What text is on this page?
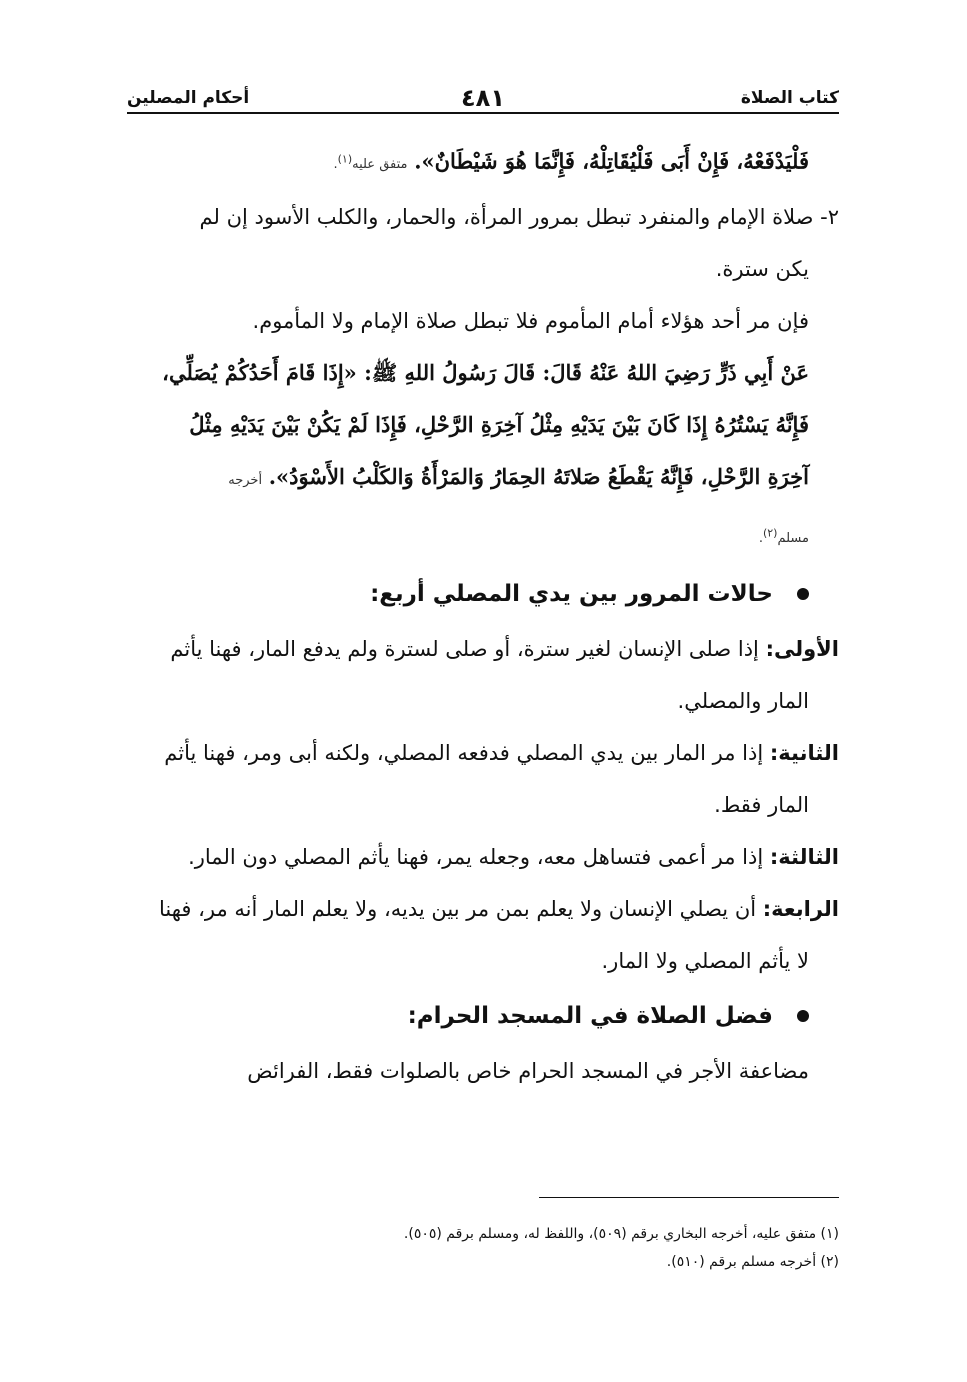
كتاب الصلاة
٤٨١
أحكام المصلين
فَلْيَدْفَعْهُ، فَإِنْ أَبَى فَلْيُقَاتِلْهُ، فَإِنَّمَا هُوَ شَيْطَانٌ». متفق عليه$^{(١)}$.
٢- صلاة الإمام والمنفرد تبطل بمرور المرأة، والحمار، والكلب الأسود إن لم
يكن سترة.
فإن مر أحد هؤلاء أمام المأموم فلا تبطل صلاة الإمام ولا المأموم.
عَنْ أَبِي ذَرٍّ رَضِيَ اللهُ عَنْهُ قَالَ: قَالَ رَسُولُ اللهِ ﷺ: «إِذَا قَامَ أَحَدُكُمْ يُصَلِّي،
فَإِنَّهُ يَسْتُرُهُ إِذَا كَانَ بَيْنَ يَدَيْهِ مِثْلُ آخِرَةِ الرَّحْلِ، فَإِذَا لَمْ يَكُنْ بَيْنَ يَدَيْهِ مِثْلُ
آخِرَةِ الرَّحْلِ، فَإِنَّهُ يَقْطَعُ صَلاتَهُ الحِمَارُ وَالمَرْأَةُ وَالكَلْبُ الأَسْوَدُ». أخرجه
مسلم$^{(٢)}$.
حالات المرور بين يدي المصلي أربع:
الأولى: إذا صلى الإنسان لغير سترة، أو صلى لسترة ولم يدفع المار، فهنا يأثم
المار والمصلي.
الثانية: إذا مر المار بين يدي المصلي فدفعه المصلي، ولكنه أبى ومر، فهنا يأثم
المار فقط.
الثالثة: إذا مر أعمى فتساهل معه، وجعله يمر، فهنا يأثم المصلي دون المار.
الرابعة: أن يصلي الإنسان ولا يعلم بمن مر بين يديه، ولا يعلم المار أنه مر، فهنا
لا يأثم المصلي ولا المار.
فضل الصلاة في المسجد الحرام:
مضاعفة الأجر في المسجد الحرام خاص بالصلوات فقط، الفرائض
(١) متفق عليه، أخرجه البخاري برقم (٥٠٩)، واللفظ له، ومسلم برقم (٥٠٥).
(٢) أخرجه مسلم برقم (٥١٠).
